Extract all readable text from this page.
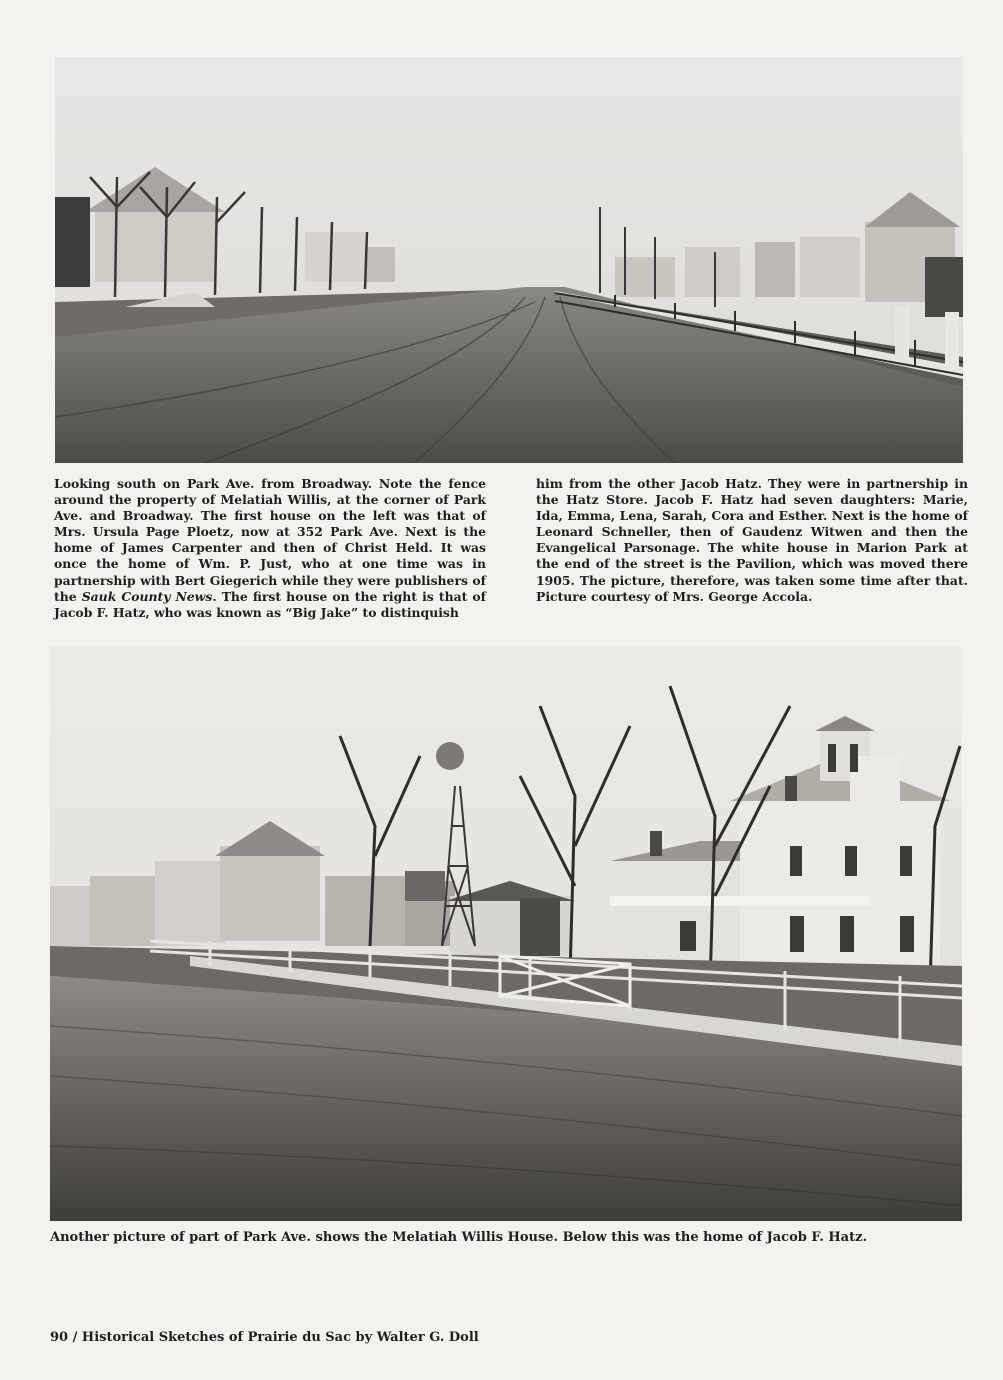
Looking south on Park Ave. from Broadway. Note the fence around the property of Melatiah Willis, at the corner of Park Ave. and Broadway. The first house on the left was that of Mrs. Ursula Page Ploetz, now at 352 Park Ave. Next is the home of James Carpenter and then of Christ Held. It was once the home of Wm. P. Just, who at one time was in partnership with Bert Giegerich while they were publishers of the Sauk County News. The first house on the right is that of Jacob F. Hatz, who was known as “Big Jake” to distinquish
him from the other Jacob Hatz. They were in partnership in the Hatz Store. Jacob F. Hatz had seven daughters: Marie, Ida, Emma, Lena, Sarah, Cora and Esther. Next is the home of Leonard Schneller, then of Gaudenz Witwen and then the Evangelical Parsonage. The white house in Marion Park at the end of the street is the Pavilion, which was moved there 1905. The picture, therefore, was taken some time after that. Picture courtesy of Mrs. George Accola.
Another picture of part of Park Ave. shows the Melatiah Willis House. Below this was the home of Jacob F. Hatz.
90 / Historical Sketches of Prairie du Sac by Walter G. Doll
